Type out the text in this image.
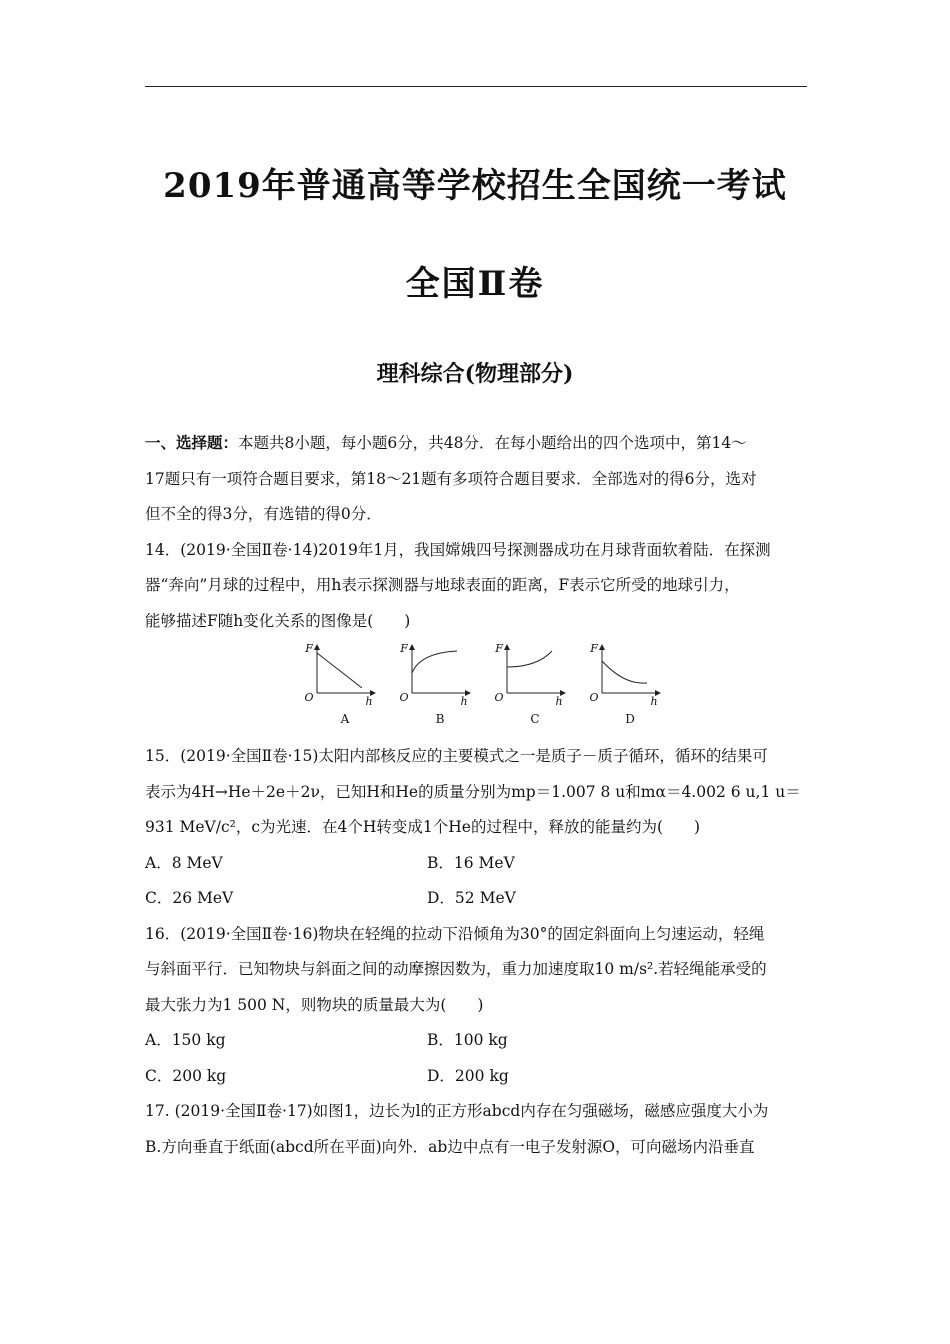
2019年普通高等学校招生全国统一考试
全国Ⅱ卷
理科综合(物理部分)
一、选择题：本题共8小题，每小题6分，共48分．在每小题给出的四个选项中，第14～
17题只有一项符合题目要求，第18～21题有多项符合题目要求．全部选对的得6分，选对
但不全的得3分，有选错的得0分．
14．(2019·全国Ⅱ卷·14)2019年1月，我国嫦娥四号探测器成功在月球背面软着陆．在探测
器“奔向”月球的过程中，用h表示探测器与地球表面的距离，F表示它所受的地球引力，
能够描述F随h变化关系的图像是(　　)
F
O	h
A
F
O	h
B
F
O	h
C
F
O	h
D
15．(2019·全国Ⅱ卷·15)太阳内部核反应的主要模式之一是质子－质子循环，循环的结果可
表示为4H→He＋2e＋2ν，已知H和He的质量分别为mp＝1.007 8 u和mα＝4.002 6 u,1 u＝
931 MeV/c²，c为光速．在4个H转变成1个He的过程中，释放的能量约为(　　)
A．8 MeV	B．16 MeV
C．26 MeV	D．52 MeV
16．(2019·全国Ⅱ卷·16)物块在轻绳的拉动下沿倾角为30°的固定斜面向上匀速运动，轻绳
与斜面平行．已知物块与斜面之间的动摩擦因数为，重力加速度取10 m/s².若轻绳能承受的
最大张力为1 500 N，则物块的质量最大为(　　)
A．150 kg	B．100 kg
C．200 kg	D．200 kg
17. (2019·全国Ⅱ卷·17)如图1，边长为l的正方形abcd内存在匀强磁场，磁感应强度大小为
B.方向垂直于纸面(abcd所在平面)向外．ab边中点有一电子发射源O，可向磁场内沿垂直
